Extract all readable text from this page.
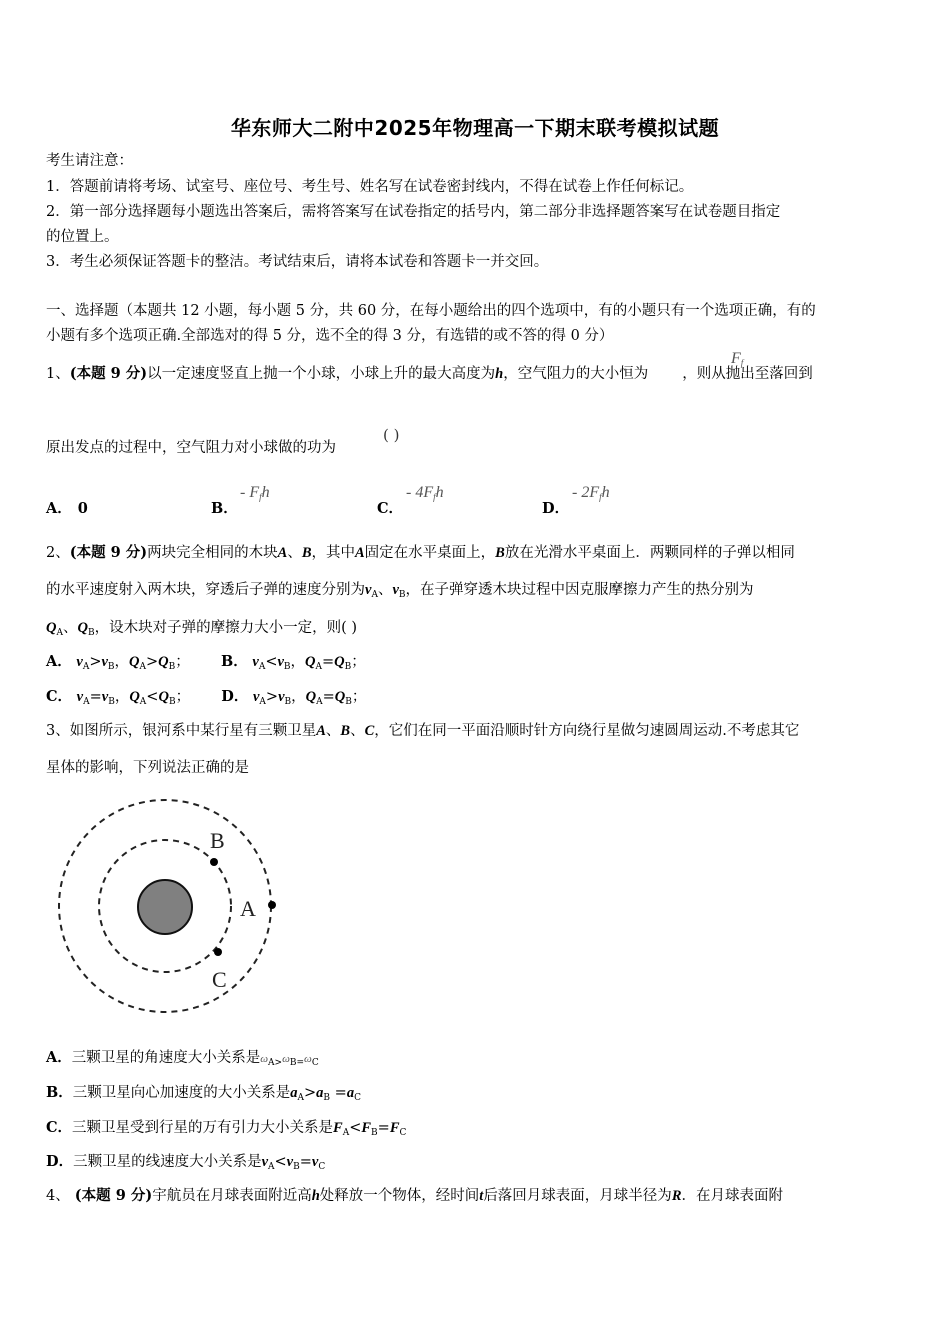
华东师大二附中2025年物理高一下期末联考模拟试题
考生请注意：
1．答题前请将考场、试室号、座位号、考生号、姓名写在试卷密封线内，不得在试卷上作任何标记。
2．第一部分选择题每小题选出答案后，需将答案写在试卷指定的括号内，第二部分非选择题答案写在试卷题目指定
的位置上。
3．考生必须保证答题卡的整洁。考试结束后，请将本试卷和答题卡一并交回。
一、选择题（本题共 12 小题，每小题 5 分，共 60 分，在每小题给出的四个选项中，有的小题只有一个选项正确，有的
小题有多个选项正确.全部选对的得 5 分，选不全的得 3 分，有选错的或不答的得 0 分）
1、(本题 9 分)以一定速度竖直上抛一个小球，小球上升的最大高度为h，空气阻力的大小恒为 ，则从抛出至落回到
$F_f$
原出发点的过程中，空气阻力对小球做的功为
( )
A． 0	B．
- $F_fh$
C．
- $4F_fh$
D．
- $2F_fh$
2、(本题 9 分)两块完全相同的木块A、B，其中A固定在水平桌面上，B放在光滑水平桌面上．两颗同样的子弹以相同
的水平速度射入两木块，穿透后子弹的速度分别为$v_A$、$v_B$，在子弹穿透木块过程中因克服摩擦力产生的热分别为
$Q_A$、$Q_B$，设木块对子弹的摩擦力大小一定，则( )
A． $v_A>v_B$，$Q_A>Q_B$； B． $v_A<v_B$，$Q_A=Q_B$；
C． $v_A=v_B$，$Q_A<Q_B$； D． $v_A>v_B$，$Q_A=Q_B$；
3、如图所示，银河系中某行星有三颗卫星A、B、C，它们在同一平面沿顺时针方向绕行星做匀速圆周运动.不考虑其它
星体的影响，下列说法正确的是
A
B
C
A．三颗卫星的角速度大小关系是$\omega_{A>}\omega_{B=}\omega_C$
B．三颗卫星向心加速度的大小关系是$a_A>a_B =a_C$
C．三颗卫星受到行星的万有引力大小关系是$F_A<F_B=F_C$
D．三颗卫星的线速度大小关系是$v_A<v_B=v_C$
4、 (本题 9 分)宇航员在月球表面附近高h处释放一个物体，经时间t后落回月球表面，月球半径为R．在月球表面附
